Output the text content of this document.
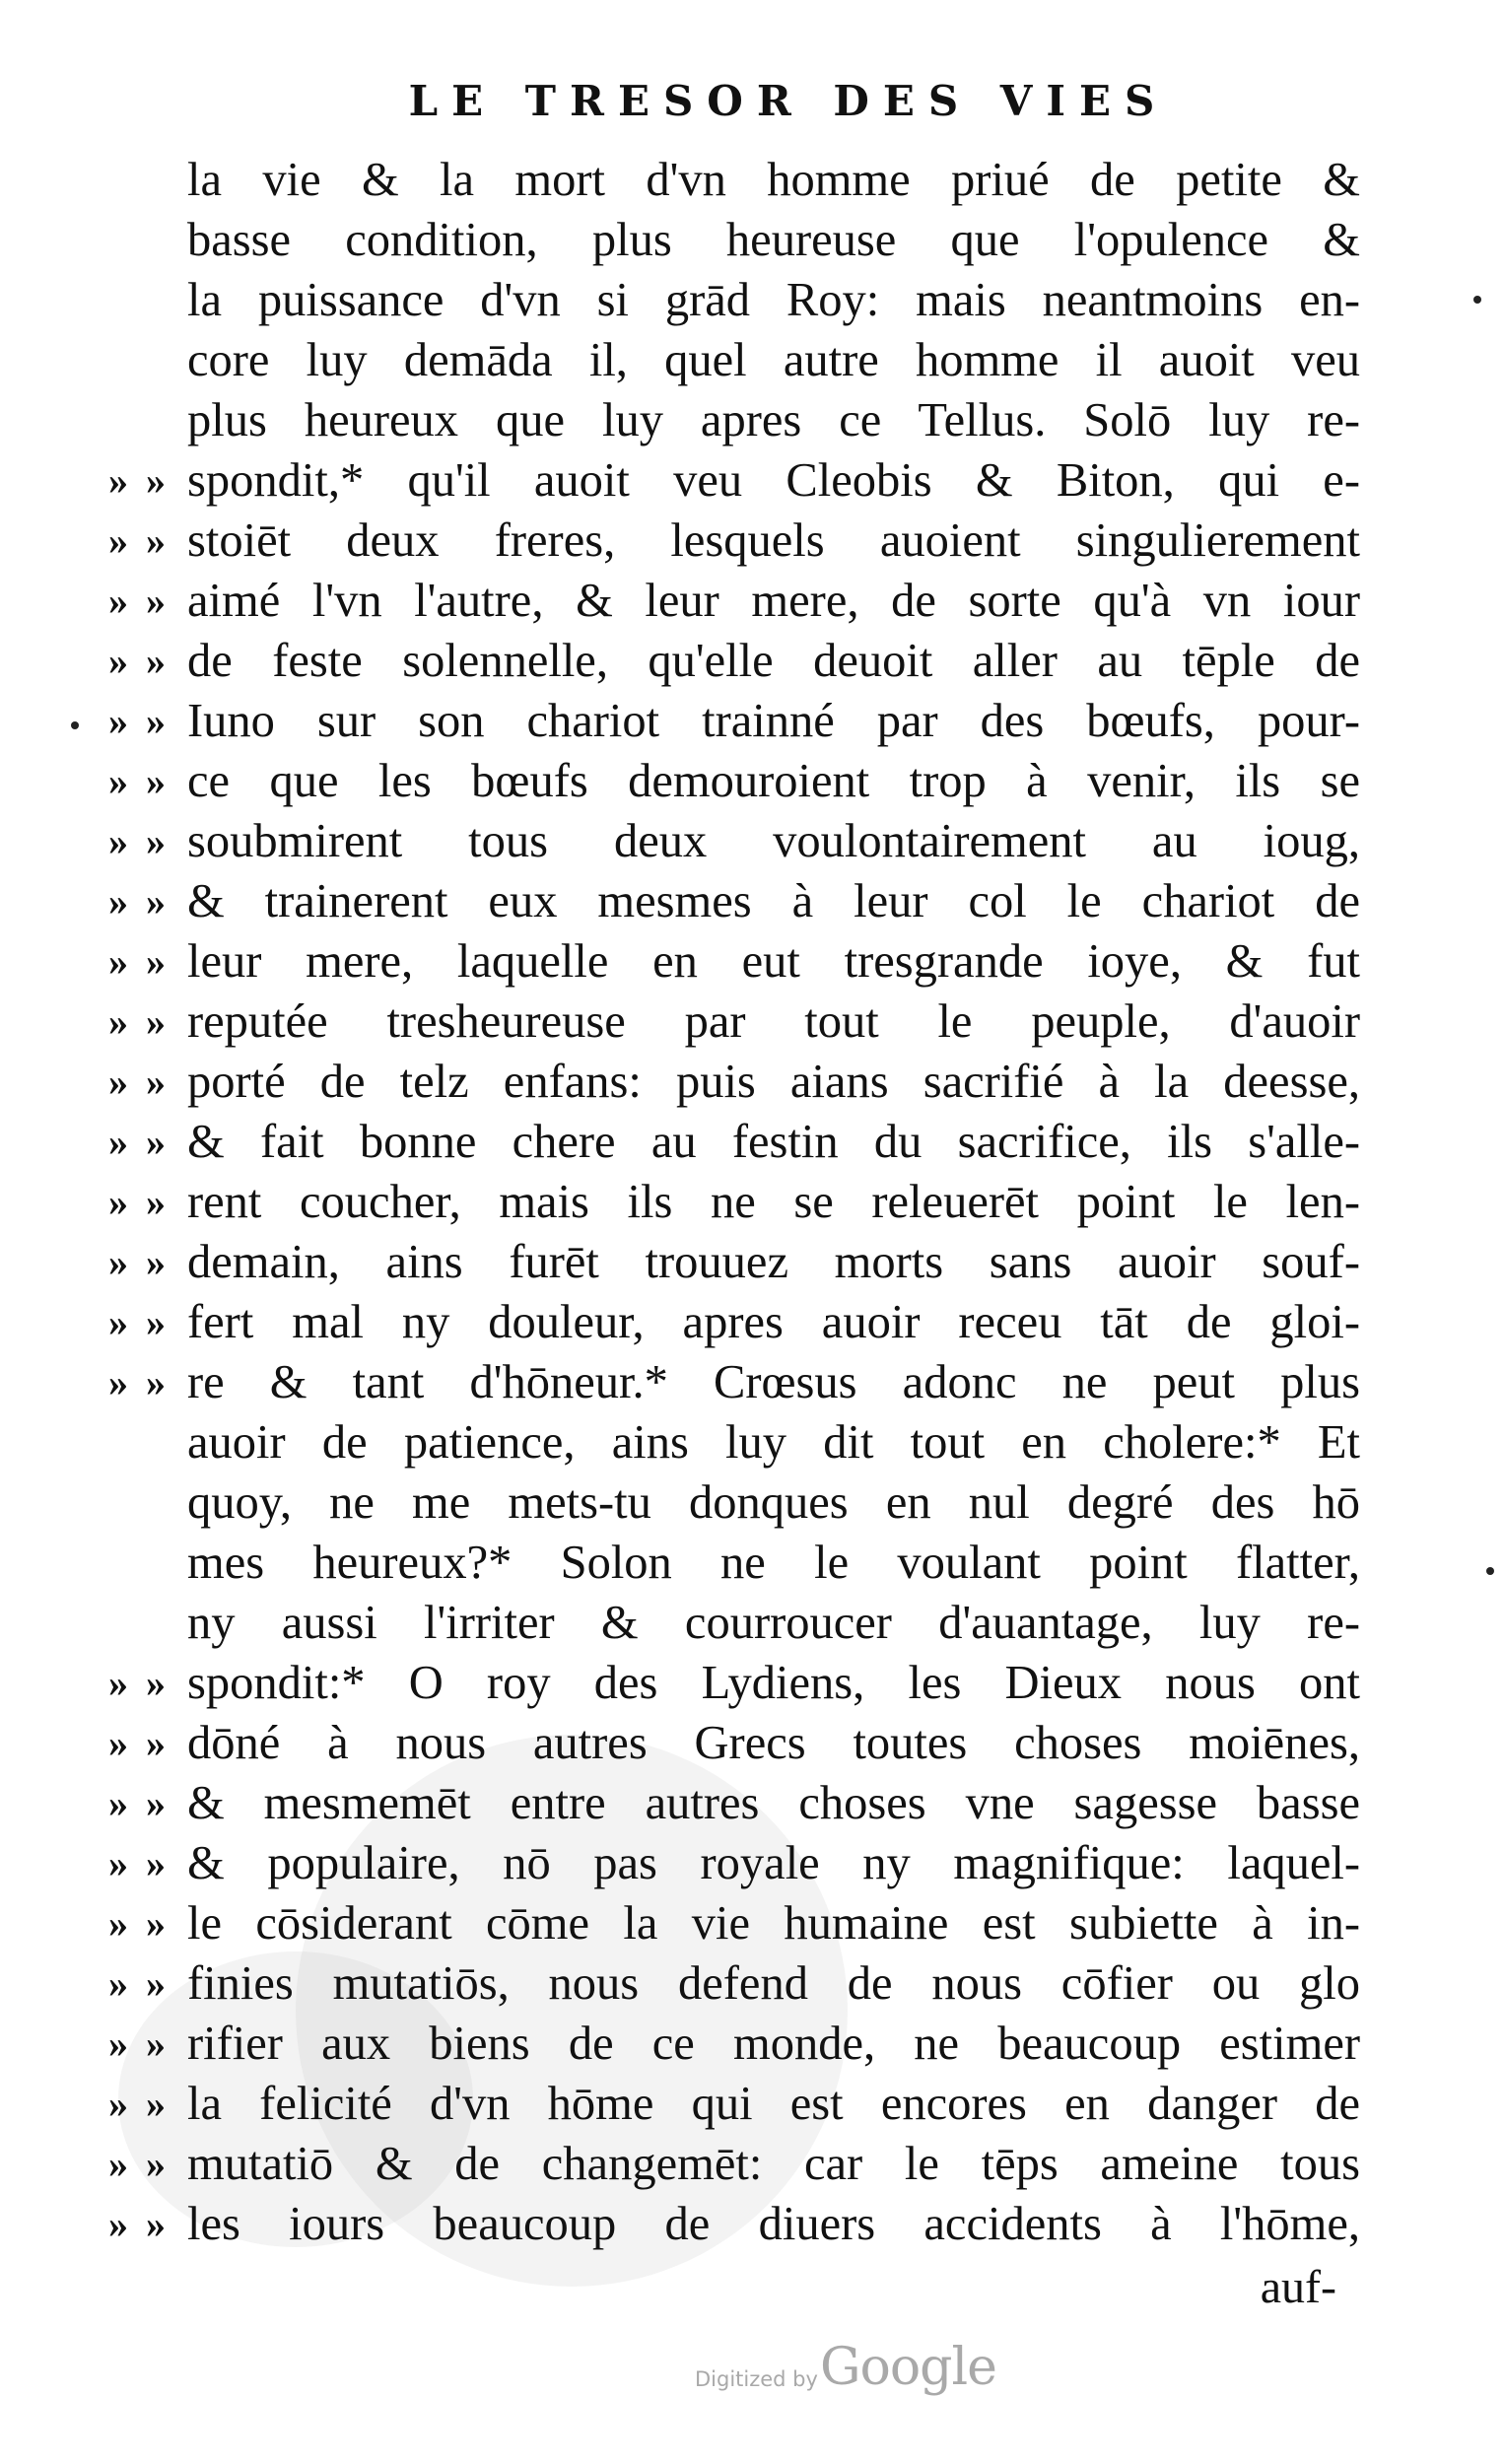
LE TRESOR DES VIES
la vie & la mort d'vn homme priué de petite &
basse condition, plus heureuse que l'opulence &
la puissance d'vn si grād Roy: mais neantmoins en-
core luy demāda il, quel autre homme il auoit veu
plus heureux que luy apres ce Tellus. Solō luy re-
» » spondit,* qu'il auoit veu Cleobis & Biton, qui e-
» » stoiēt deux freres, lesquels auoient singulierement
» » aimé l'vn l'autre, & leur mere, de sorte qu'à vn iour
» » de feste solennelle, qu'elle deuoit aller au tēple de
» » Iuno sur son chariot trainné par des bœufs, pour-
» » ce que les bœufs demouroient trop à venir, ils se
» » soubmirent tous deux voulontairement au ioug,
» » & trainerent eux mesmes à leur col le chariot de
» » leur mere, laquelle en eut tresgrande ioye, & fut
» » reputée tresheureuse par tout le peuple, d'auoir
» » porté de telz enfans: puis aians sacrifié à la deesse,
» » & fait bonne chere au festin du sacrifice, ils s'alle-
» » rent coucher, mais ils ne se releuerēt point le len-
» » demain, ains furēt trouuez morts sans auoir souf-
» » fert mal ny douleur, apres auoir receu tāt de gloi-
» » re & tant d'hōneur.* Crœsus adonc ne peut plus
auoir de patience, ains luy dit tout en cholere:* Et
quoy, ne me mets-tu donques en nul degré des hō
mes heureux?* Solon ne le voulant point flatter,
ny aussi l'irriter & courroucer d'auantage, luy re-
» » spondit:* O roy des Lydiens, les Dieux nous ont
» » dōné à nous autres Grecs toutes choses moiēnes,
» » & mesmemēt entre autres choses vne sagesse basse
» » & populaire, nō pas royale ny magnifique: laquel-
» » le cōsiderant cōme la vie humaine est subiette à in-
» » finies mutatiōs, nous defend de nous cōfier ou glo
» » rifier aux biens de ce monde, ne beaucoup estimer
» » la felicité d'vn hōme qui est encores en danger de
» » mutatiō & de changemēt: car le tēps ameine tous
» » les iours beaucoup de diuers accidents à l'hōme,
auf-
Digitized by Google
